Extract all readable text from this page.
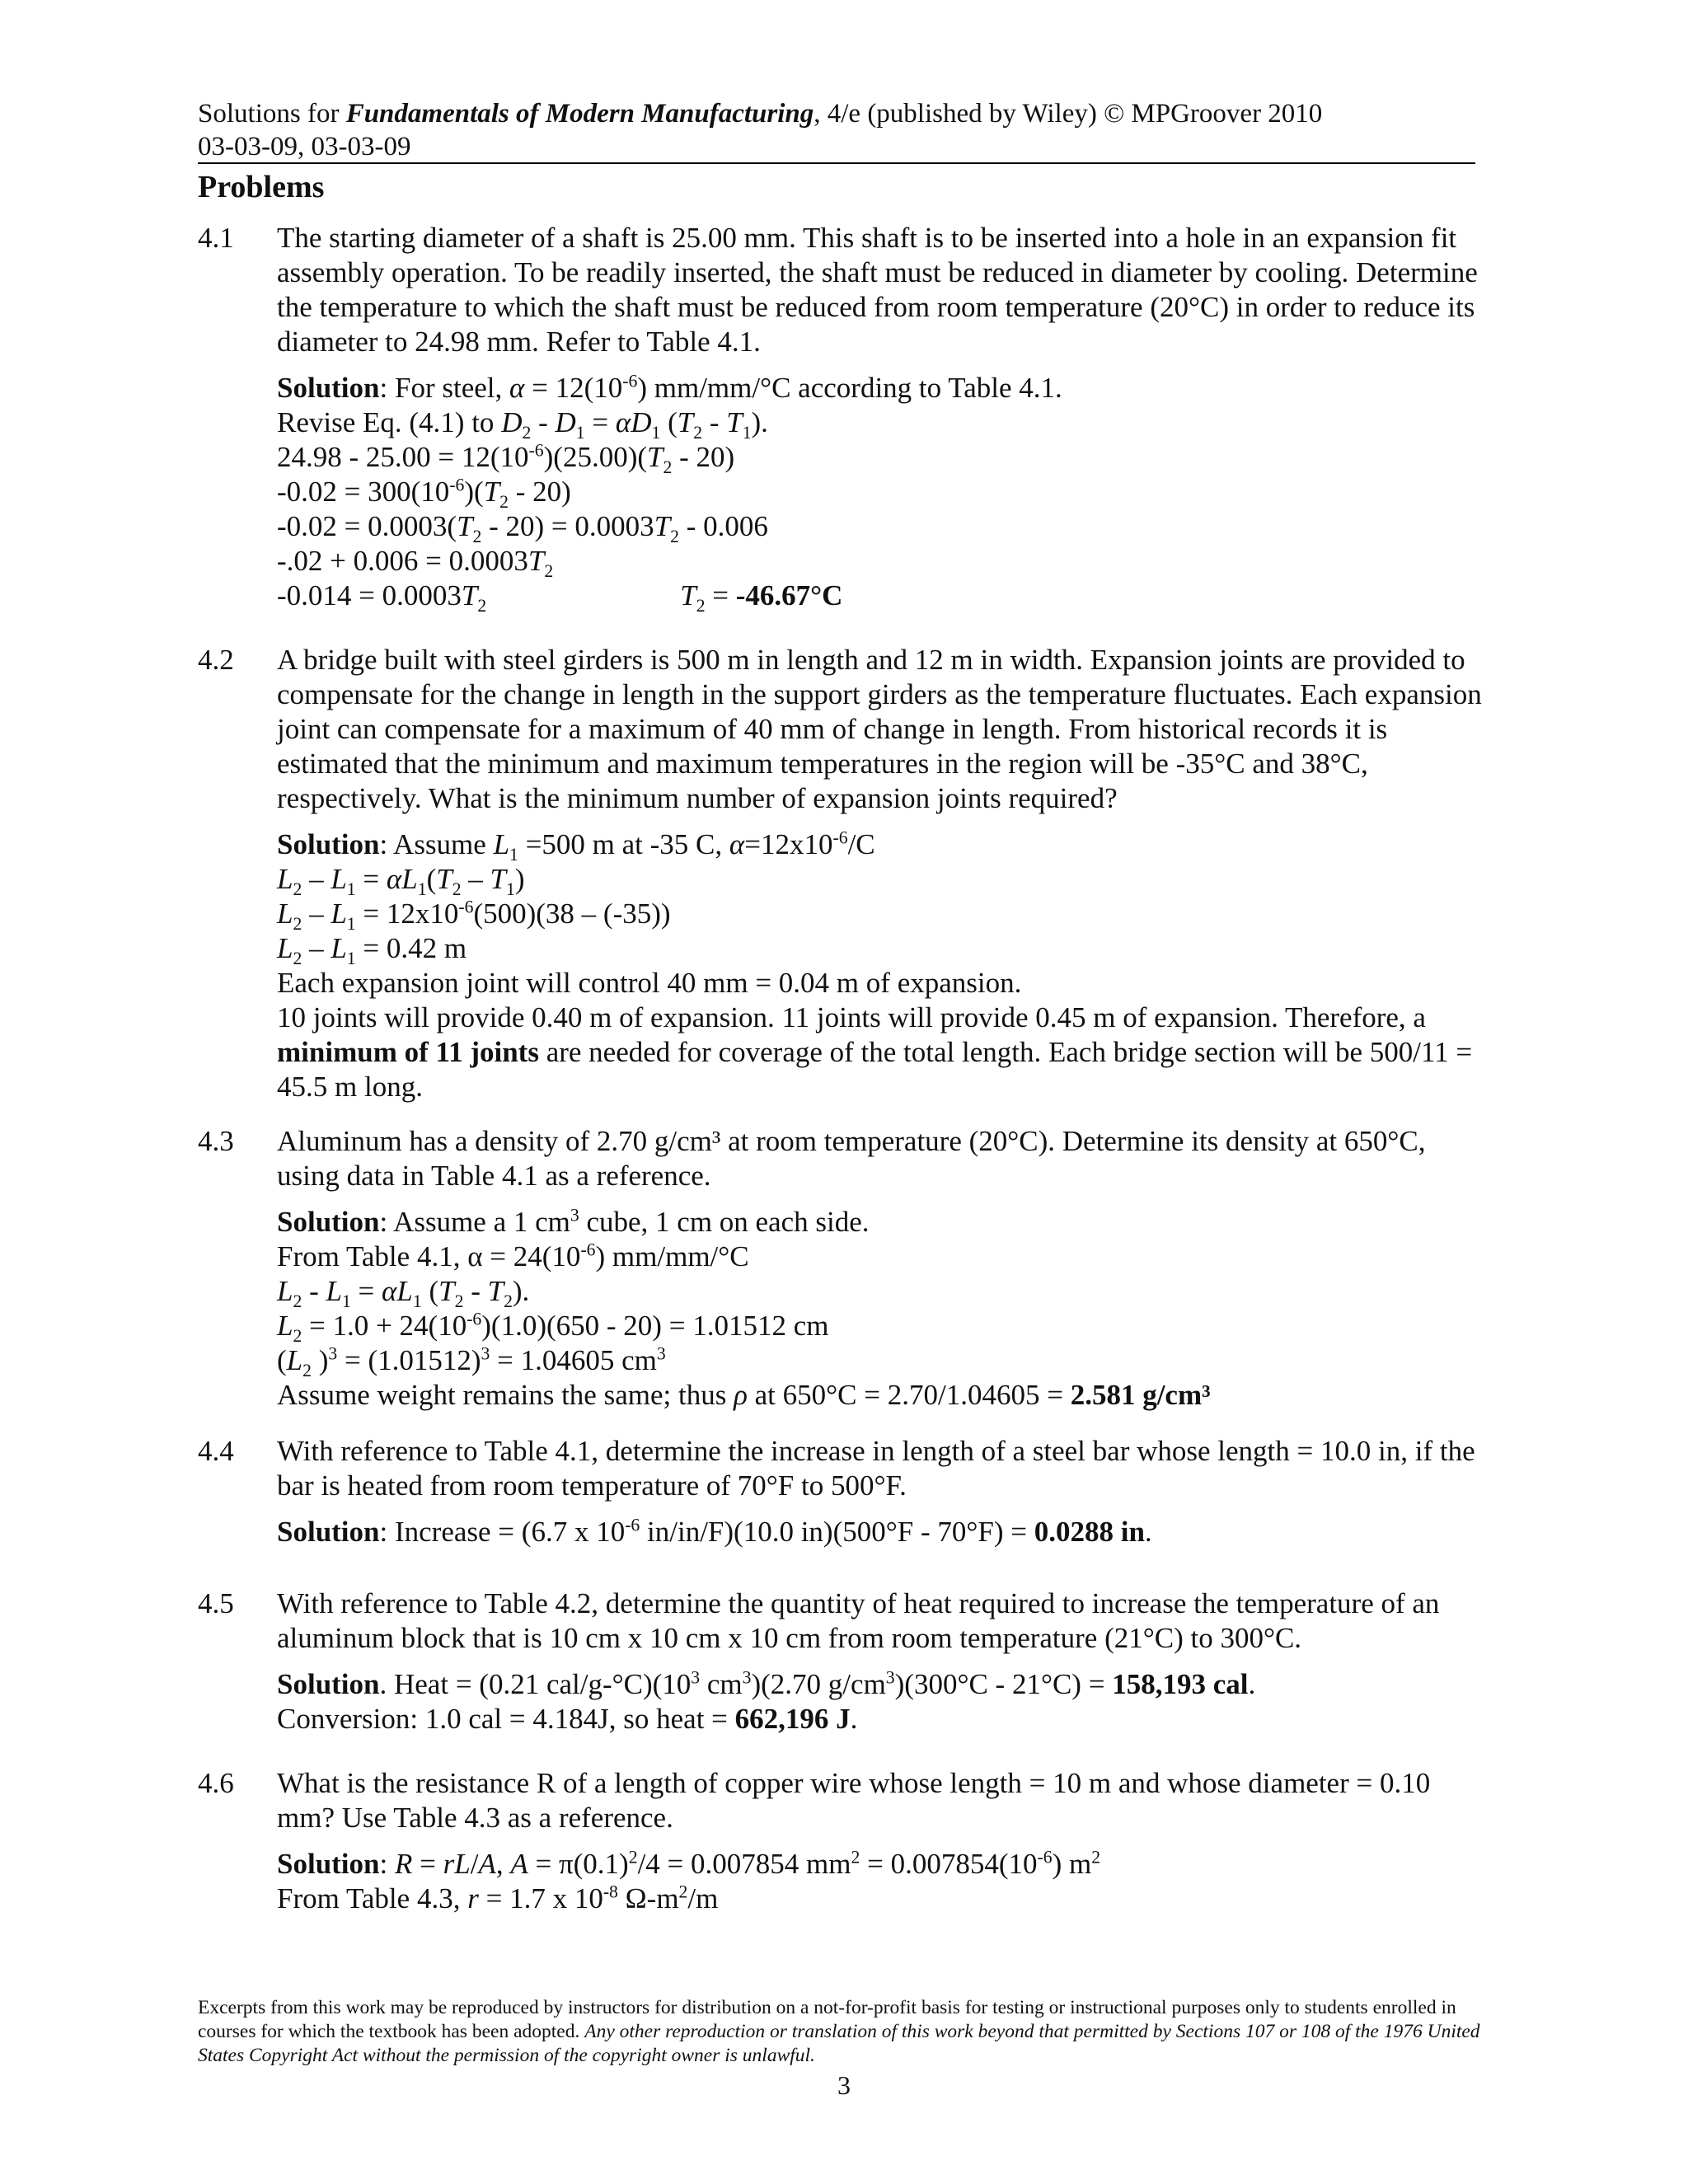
Solutions for Fundamentals of Modern Manufacturing, 4/e (published by Wiley) © MPGroover 2010
03-03-09, 03-03-09
Problems
4.1	The starting diameter of a shaft is 25.00 mm. This shaft is to be inserted into a hole in an expansion fit assembly operation. To be readily inserted, the shaft must be reduced in diameter by cooling. Determine the temperature to which the shaft must be reduced from room temperature (20°C) in order to reduce its diameter to 24.98 mm. Refer to Table 4.1.

Solution: For steel, $\alpha = 12(10^{-6})$ mm/mm/°C according to Table 4.1.
Revise Eq. (4.1) to $D_2 - D_1 = \alpha D_1$ $(T_2 - T_1)$.
$24.98 - 25.00 = 12(10^{-6})(25.00)(T_2 - 20)$
$-0.02 = 300(10^{-6})(T_2 - 20)$
$-0.02 = 0.0003(T_2 - 20) = 0.0003T_2 - 0.006$
$-.02 + 0.006 = 0.0003T_2$
$-0.014 = 0.0003T_2$	$T_2 = -46.67^\circ C$
4.2	A bridge built with steel girders is 500 m in length and 12 m in width. Expansion joints are provided to compensate for the change in length in the support girders as the temperature fluctuates. Each expansion joint can compensate for a maximum of 40 mm of change in length. From historical records it is estimated that the minimum and maximum temperatures in the region will be -35°C and 38°C, respectively. What is the minimum number of expansion joints required?

Solution: Assume $L_1 =500$ m at -35 C, $\alpha=12x10^{-6}/C$
$L_2 - L_1 = \alpha L_1(T_2 - T_1)$
$L_2 - L_1 = 12x10^{-6}(500)(38 - (-35))$
$L_2 - L_1 = 0.42$ m
Each expansion joint will control 40 mm = 0.04 m of expansion.
10 joints will provide 0.40 m of expansion. 11 joints will provide 0.45 m of expansion. Therefore, a minimum of 11 joints are needed for coverage of the total length. Each bridge section will be 500/11 = 45.5 m long.
4.3	Aluminum has a density of 2.70 g/cm³ at room temperature (20°C). Determine its density at 650°C, using data in Table 4.1 as a reference.

Solution: Assume a 1 $cm^3$ cube, 1 cm on each side.
From Table 4.1, $\alpha = 24(10^{-6})$ mm/mm/°C
$L_2 - L_1 = \alpha L_1$ $(T_2 - T_2)$.
$L_2 = 1.0 + 24(10^{-6})(1.0)(650 - 20) = 1.01512$ cm
($L_2$ )$^3 = (1.01512)^3 = 1.04605$ $cm^3$
Assume weight remains the same; thus ρ at 650°C = 2.70/1.04605 = 2.581 g/cm³
4.4	With reference to Table 4.1, determine the increase in length of a steel bar whose length = 10.0 in, if the bar is heated from room temperature of 70°F to 500°F.

Solution: Increase = (6.7 x $10^{-6}$ in/in/F)(10.0 in)(500°F - 70°F) = 0.0288 in.
4.5	With reference to Table 4.2, determine the quantity of heat required to increase the temperature of an aluminum block that is 10 cm x 10 cm x 10 cm from room temperature (21°C) to 300°C.

Solution. Heat = (0.21 cal/$g-^\circ C)(10^3$ $cm^3)(2.70$ $g/cm^3)(300^\circ C - 21^\circ C) = 158,193$ cal.
Conversion: 1.0 cal = 4.184J, so heat = 662,196 J.
4.6	What is the resistance R of a length of copper wire whose length = 10 m and whose diameter = 0.10 mm? Use Table 4.3 as a reference.

Solution: R = rL/A, $A = \pi(0.1)^2/4 = 0.007854$ $mm^2 = 0.007854(10^{-6})$ $m^2$
From Table 4.3, r = 1.7 x $10^{-8}$ $\Omega-m^2/m$
Excerpts from this work may be reproduced by instructors for distribution on a not-for-profit basis for testing or instructional purposes only to students enrolled in courses for which the textbook has been adopted. Any other reproduction or translation of this work beyond that permitted by Sections 107 or 108 of the 1976 United States Copyright Act without the permission of the copyright owner is unlawful.
3
